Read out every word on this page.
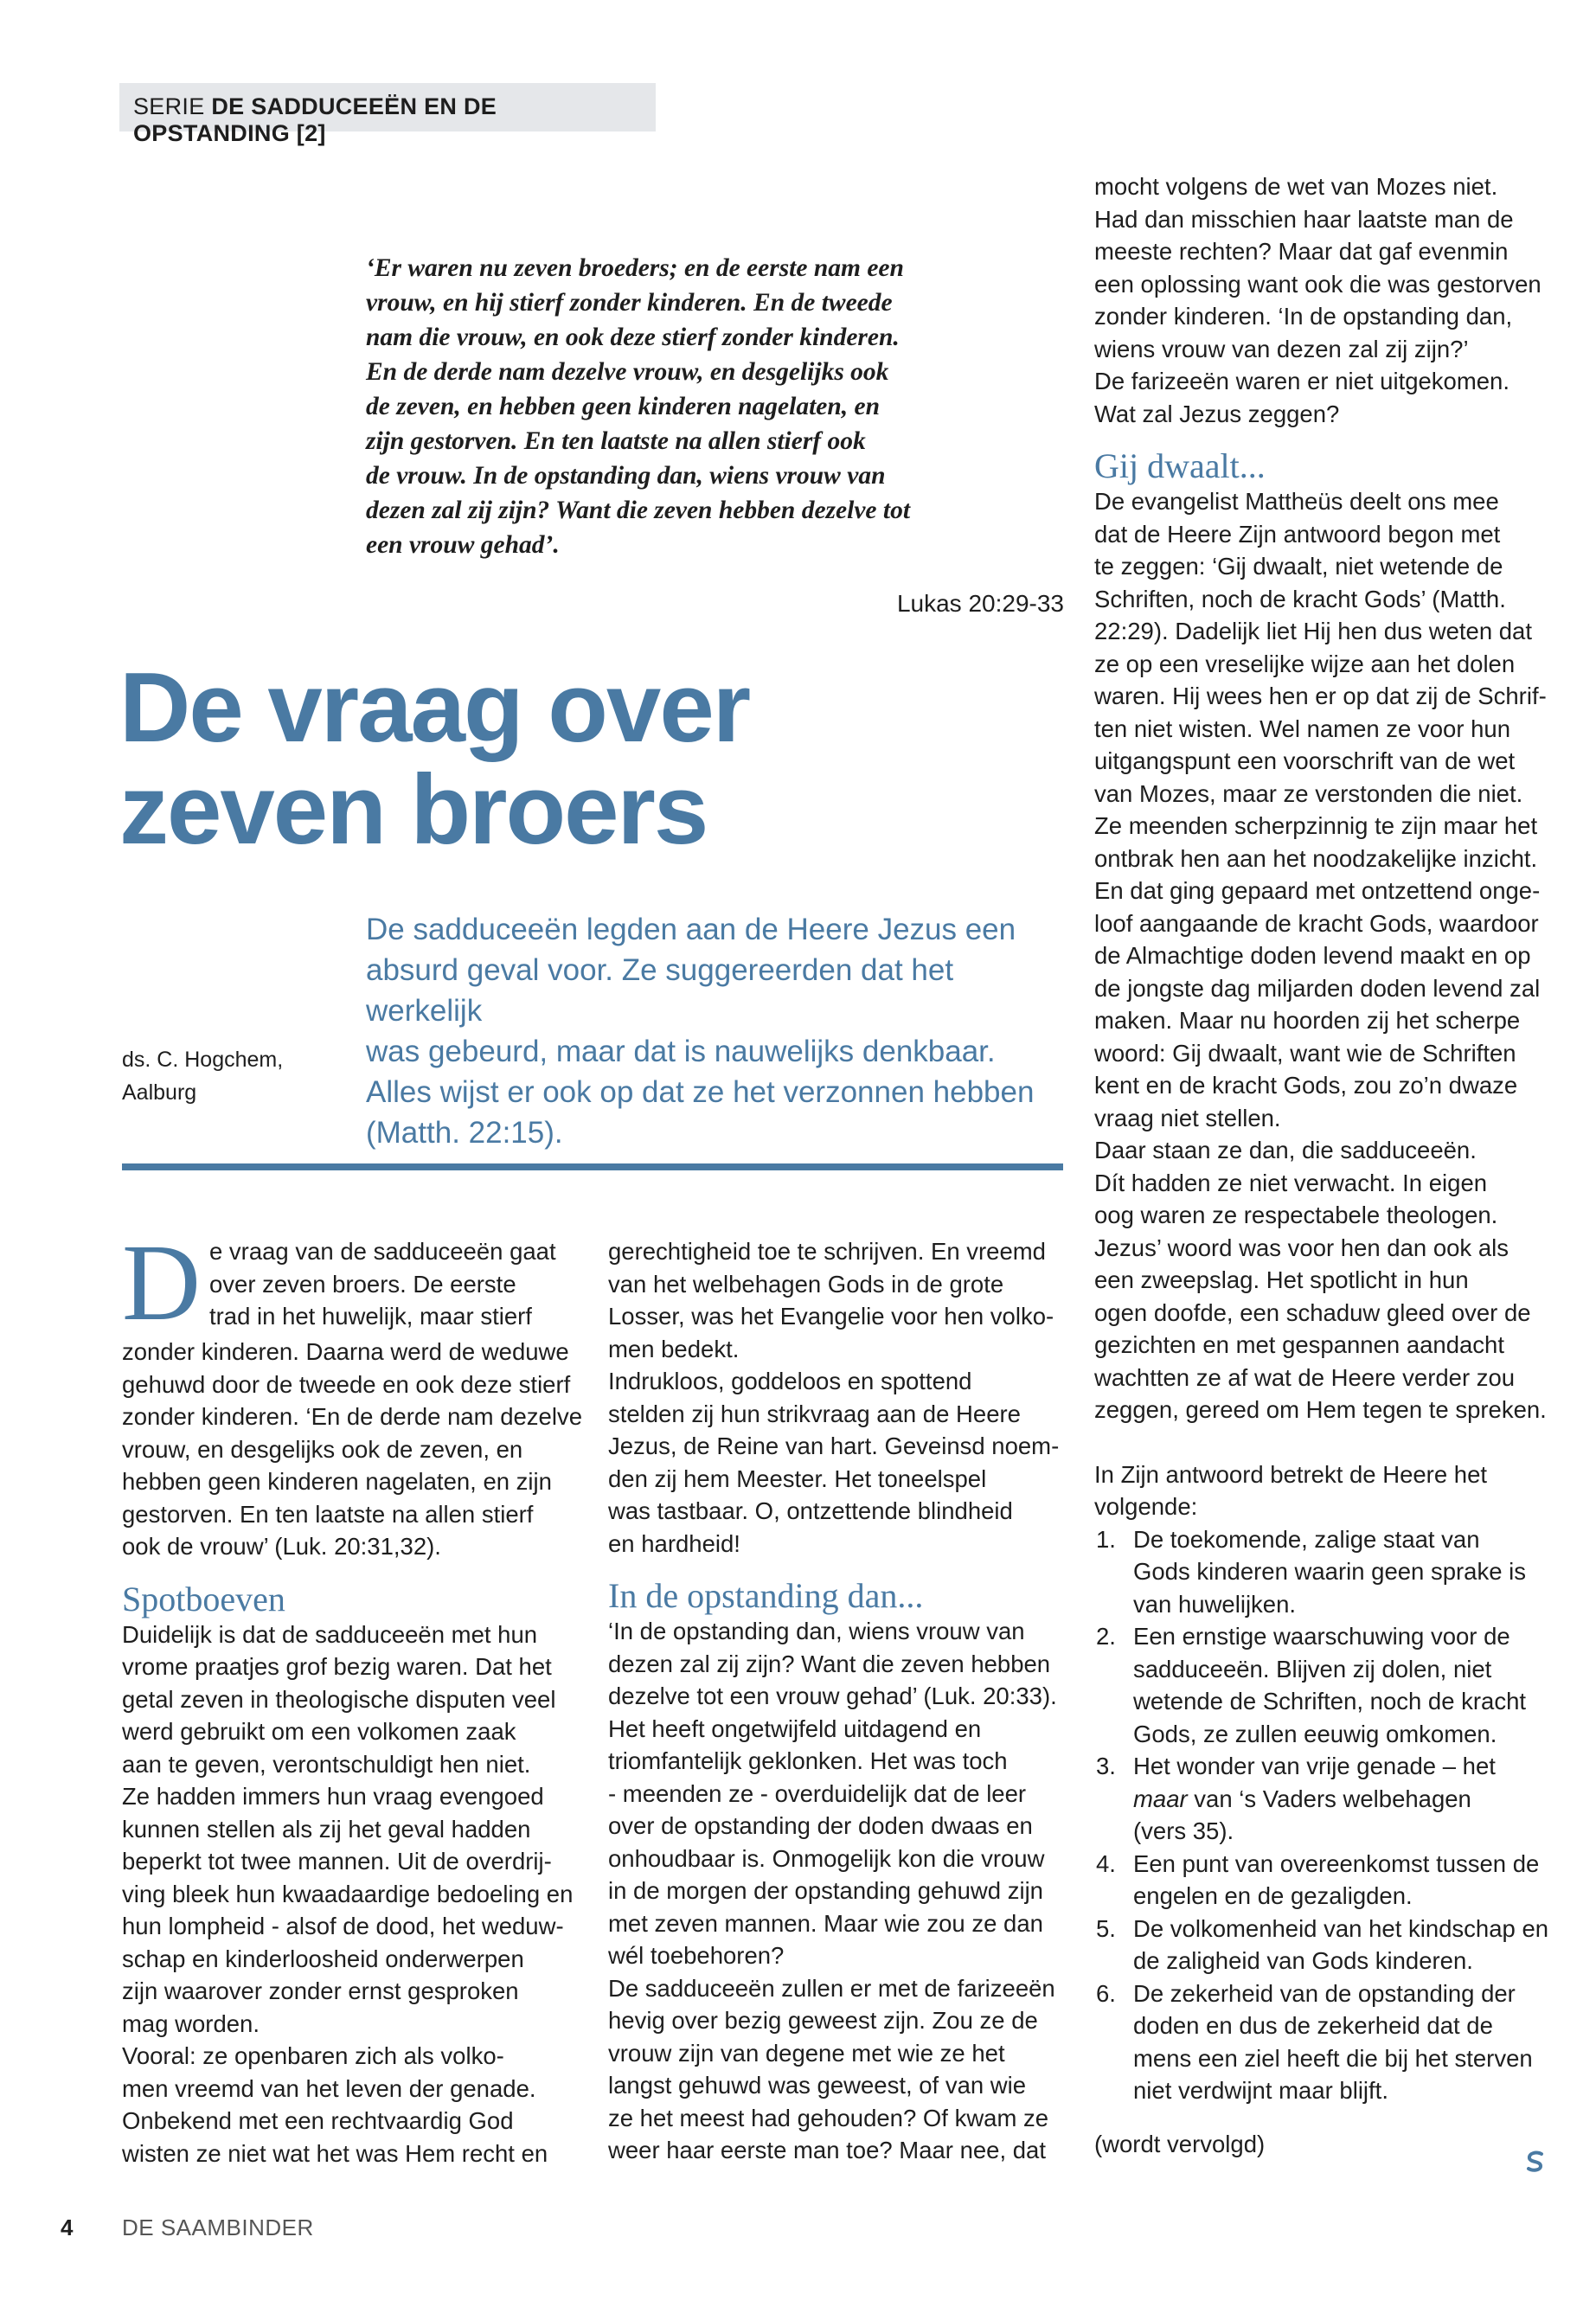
SERIE DE SADDUCEEËN EN DE OPSTANDING [2]
‘Er waren nu zeven broeders; en de eerste nam een
vrouw, en hij stierf zonder kinderen. En de tweede
nam die vrouw, en ook deze stierf zonder kinderen.
En de derde nam dezelve vrouw, en desgelijks ook
de zeven, en hebben geen kinderen nagelaten, en
zijn gestorven. En ten laatste na allen stierf ook
de vrouw. In de opstanding dan, wiens vrouw van
dezen zal zij zijn? Want die zeven hebben dezelve tot
een vrouw gehad’.
Lukas 20:29-33
De vraag over
zeven broers
De sadduceeën legden aan de Heere Jezus een
absurd geval voor. Ze suggereerden dat het werkelijk
was gebeurd, maar dat is nauwelijks denkbaar.
Alles wijst er ook op dat ze het verzonnen hebben
(Matth. 22:15).
ds. C. Hogchem,
Aalburg
D e vraag van de sadduceeën gaat
over zeven broers. De eerste
trad in het huwelijk, maar stierf
zonder kinderen. Daarna werd de weduwe
gehuwd door de tweede en ook deze stierf
zonder kinderen. ‘En de derde nam dezelve
vrouw, en desgelijks ook de zeven, en
hebben geen kinderen nagelaten, en zijn
gestorven. En ten laatste na allen stierf
ook de vrouw’ (Luk. 20:31,32).
Spotboeven
Duidelijk is dat de sadduceeën met hun
vrome praatjes grof bezig waren. Dat het
getal zeven in theologische disputen veel
werd gebruikt om een volkomen zaak
aan te geven, verontschuldigt hen niet.
Ze hadden immers hun vraag evengoed
kunnen stellen als zij het geval hadden
beperkt tot twee mannen. Uit de overdrij-
ving bleek hun kwaadaardige bedoeling en
hun lompheid - alsof de dood, het weduw-
schap en kinderloosheid onderwerpen
zijn waarover zonder ernst gesproken
mag worden.
Vooral: ze openbaren zich als volko-
men vreemd van het leven der genade.
Onbekend met een rechtvaardig God
wisten ze niet wat het was Hem recht en
gerechtigheid toe te schrijven. En vreemd
van het welbehagen Gods in de grote
Losser, was het Evangelie voor hen volko-
men bedekt.
Indrukloos, goddeloos en spottend
stelden zij hun strikvraag aan de Heere
Jezus, de Reine van hart. Geveinsd noem-
den zij hem Meester. Het toneelspel
was tastbaar. O, ontzettende blindheid
en hardheid!
In de opstanding dan...
‘In de opstanding dan, wiens vrouw van
dezen zal zij zijn? Want die zeven hebben
dezelve tot een vrouw gehad’ (Luk. 20:33).
Het heeft ongetwijfeld uitdagend en
triomfantelijk geklonken. Het was toch
- meenden ze - overduidelijk dat de leer
over de opstanding der doden dwaas en
onhoudbaar is. Onmogelijk kon die vrouw
in de morgen der opstanding gehuwd zijn
met zeven mannen. Maar wie zou ze dan
wél toebehoren?
De sadduceeën zullen er met de farizeeën
hevig over bezig geweest zijn. Zou ze de
vrouw zijn van degene met wie ze het
langst gehuwd was geweest, of van wie
ze het meest had gehouden? Of kwam ze
weer haar eerste man toe? Maar nee, dat
mocht volgens de wet van Mozes niet.
Had dan misschien haar laatste man de
meeste rechten? Maar dat gaf evenmin
een oplossing want ook die was gestorven
zonder kinderen. ‘In de opstanding dan,
wiens vrouw van dezen zal zij zijn?’
De farizeeën waren er niet uitgekomen.
Wat zal Jezus zeggen?
Gij dwaalt...
De evangelist Mattheüs deelt ons mee
dat de Heere Zijn antwoord begon met
te zeggen: ‘Gij dwaalt, niet wetende de
Schriften, noch de kracht Gods’ (Matth.
22:29). Dadelijk liet Hij hen dus weten dat
ze op een vreselijke wijze aan het dolen
waren. Hij wees hen er op dat zij de Schrif-
ten niet wisten. Wel namen ze voor hun
uitgangspunt een voorschrift van de wet
van Mozes, maar ze verstonden die niet.
Ze meenden scherpzinnig te zijn maar het
ontbrak hen aan het noodzakelijke inzicht.
En dat ging gepaard met ontzettend onge-
loof aangaande de kracht Gods, waardoor
de Almachtige doden levend maakt en op
de jongste dag miljarden doden levend zal
maken. Maar nu hoorden zij het scherpe
woord: Gij dwaalt, want wie de Schriften
kent en de kracht Gods, zou zo’n dwaze
vraag niet stellen.
Daar staan ze dan, die sadduceeën.
Dít hadden ze niet verwacht. In eigen
oog waren ze respectabele theologen.
Jezus’ woord was voor hen dan ook als
een zweepslag. Het spotlicht in hun
ogen doofde, een schaduw gleed over de
gezichten en met gespannen aandacht
wachtten ze af wat de Heere verder zou
zeggen, gereed om Hem tegen te spreken.
In Zijn antwoord betrekt de Heere het
volgende:
1. De toekomende, zalige staat van
Gods kinderen waarin geen sprake is
van huwelijken.
2. Een ernstige waarschuwing voor de
sadduceeën. Blijven zij dolen, niet
wetende de Schriften, noch de kracht
Gods, ze zullen eeuwig omkomen.
3. Het wonder van vrije genade – het
maar van ‘s Vaders welbehagen
(vers 35).
4. Een punt van overeenkomst tussen de
engelen en de gezaligden.
5. De volkomenheid van het kindschap en
de zaligheid van Gods kinderen.
6. De zekerheid van de opstanding der
doden en dus de zekerheid dat de
mens een ziel heeft die bij het sterven
niet verdwijnt maar blijft.
(wordt vervolgd)
4 DE SAAMBINDER
